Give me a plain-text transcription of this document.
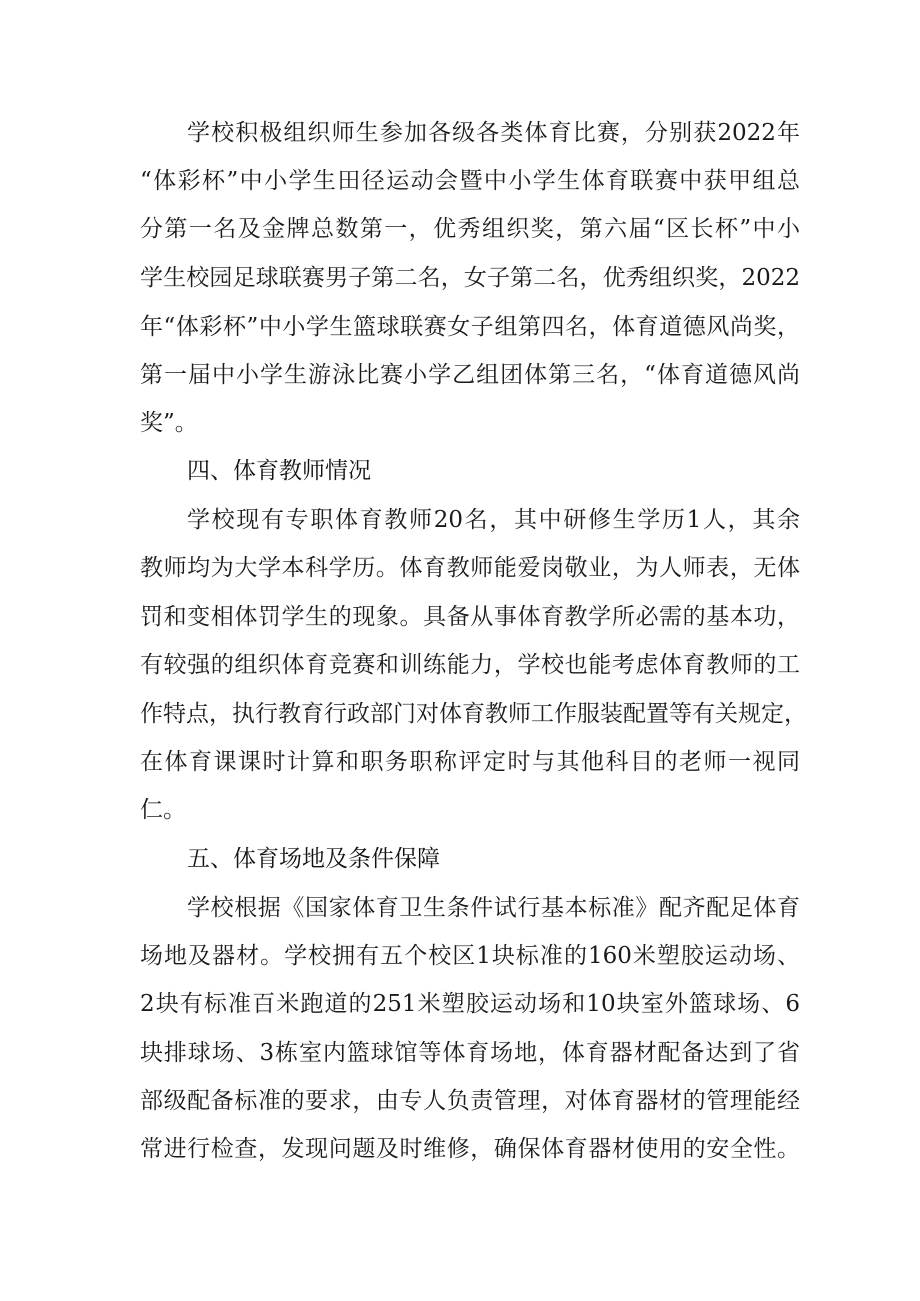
学校积极组织师生参加各级各类体育比赛，分别获2022年
“体彩杯”中小学生田径运动会暨中小学生体育联赛中获甲组总
分第一名及金牌总数第一，优秀组织奖，第六届“区长杯”中小
学生校园足球联赛男子第二名，女子第二名，优秀组织奖，2022
年“体彩杯”中小学生篮球联赛女子组第四名，体育道德风尚奖，
第一届中小学生游泳比赛小学乙组团体第三名，“体育道德风尚
奖”。
四、体育教师情况
学校现有专职体育教师20名，其中研修生学历1人，其余
教师均为大学本科学历。体育教师能爱岗敬业，为人师表，无体
罚和变相体罚学生的现象。具备从事体育教学所必需的基本功，
有较强的组织体育竞赛和训练能力，学校也能考虑体育教师的工
作特点，执行教育行政部门对体育教师工作服装配置等有关规定，
在体育课课时计算和职务职称评定时与其他科目的老师一视同
仁。
五、体育场地及条件保障
学校根据《国家体育卫生条件试行基本标准》配齐配足体育
场地及器材。学校拥有五个校区1块标准的160米塑胶运动场、
2块有标准百米跑道的251米塑胶运动场和10块室外篮球场、6
块排球场、3栋室内篮球馆等体育场地，体育器材配备达到了省
部级配备标准的要求，由专人负责管理，对体育器材的管理能经
常进行检查，发现问题及时维修，确保体育器材使用的安全性。
